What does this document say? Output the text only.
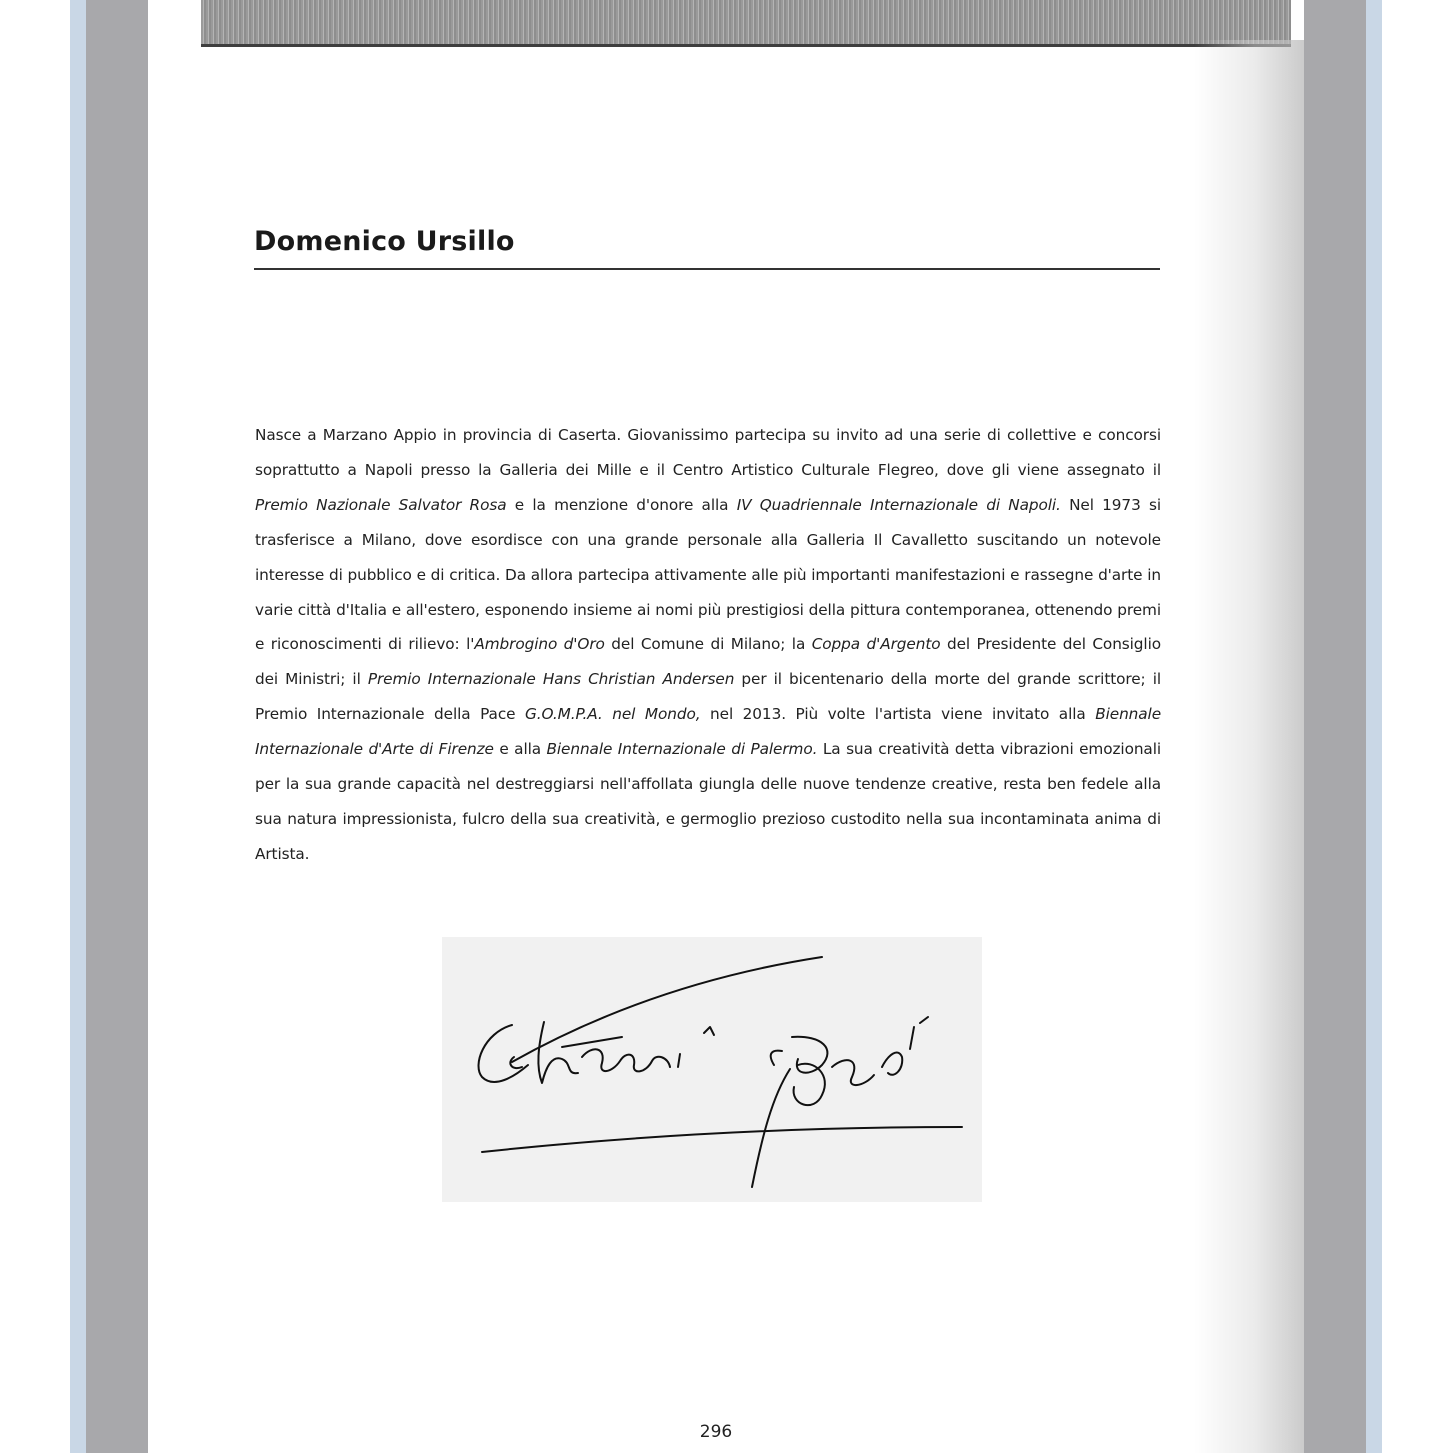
Domenico Ursillo

Nasce a Marzano Appio in provincia di Caserta. Giovanissimo partecipa su invito ad una serie di collettive e concorsi soprattutto a Napoli presso la Galleria dei Mille e il Centro Artistico Culturale Flegreo, dove gli viene assegnato il Premio Nazionale Salvator Rosa e la menzione d'onore alla IV Quadriennale Internazionale di Napoli. Nel 1973 si trasferisce a Milano, dove esordisce con una grande personale alla Galleria Il Cavalletto suscitando un notevole interesse di pubblico e di critica. Da allora partecipa attivamente alle più importanti manifestazioni e rassegne d'arte in varie città d'Italia e all'estero, esponendo insieme ai nomi più prestigiosi della pittura contemporanea, ottenendo premi e riconoscimenti di rilievo: l'Ambrogino d'Oro del Comune di Milano; la Coppa d'Argento del Presidente del Consiglio dei Ministri; il Premio Internazionale Hans Christian Andersen per il bicentenario della morte del grande scrittore; il Premio Internazionale della Pace G.O.M.P.A. nel Mondo, nel 2013. Più volte l'artista viene invitato alla Biennale Internazionale d'Arte di Firenze e alla Biennale Internazionale di Palermo. La sua creatività detta vibrazioni emozionali per la sua grande capacità nel destreggiarsi nell'affollata giungla delle nuove tendenze creative, resta ben fedele alla sua natura impressionista, fulcro della sua creatività, e germoglio prezioso custodito nella sua incontaminata anima di Artista.

296
